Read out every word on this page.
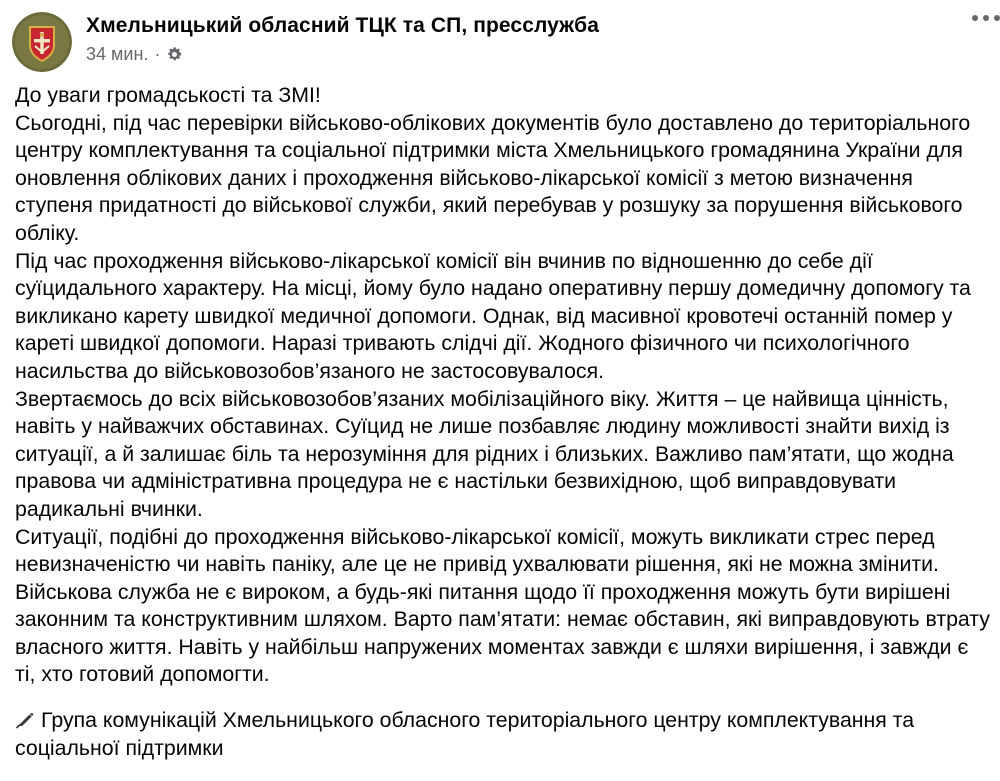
Хмельницький обласний ТЦК та СП, пресслужба
34 мин. ·

До уваги громадськості та ЗМІ!

Сьогодні, під час перевірки військово-облікових документів було доставлено до територіального центру комплектування та соціальної підтримки міста Хмельницького громадянина України для оновлення облікових даних і проходження військово-лікарської комісії з метою визначення ступеня придатності до військової служби, який перебував у розшуку за порушення військового обліку.

Під час проходження військово-лікарської комісії він вчинив по відношенню до себе дії суїцидального характеру. На місці, йому було надано оперативну першу домедичну допомогу та викликано карету швидкої медичної допомоги. Однак, від масивної кровотечі останній помер у кареті швидкої допомоги. Наразі тривають слідчі дії. Жодного фізичного чи психологічного насильства до військовозобов’язаного не застосовувалося.

Звертаємось до всіх військовозобов’язаних мобілізаційного віку. Життя – це найвища цінність, навіть у найважчих обставинах. Суїцид не лише позбавляє людину можливості знайти вихід із ситуації, а й залишає біль та нерозуміння для рідних і близьких. Важливо пам’ятати, що жодна правова чи адміністративна процедура не є настільки безвихідною, щоб виправдовувати радикальні вчинки.

Ситуації, подібні до проходження військово-лікарської комісії, можуть викликати стрес перед невизначеністю чи навіть паніку, але це не привід ухвалювати рішення, які не можна змінити. Військова служба не є вироком, а будь-які питання щодо її проходження можуть бути вирішені законним та конструктивним шляхом. Варто пам’ятати: немає обставин, які виправдовують втрату власного життя. Навіть у найбільш напружених моментах завжди є шляхи вирішення, і завжди є ті, хто готовий допомогти.

Група комунікацій Хмельницького обласного територіального центру комплектування та соціальної підтримки
